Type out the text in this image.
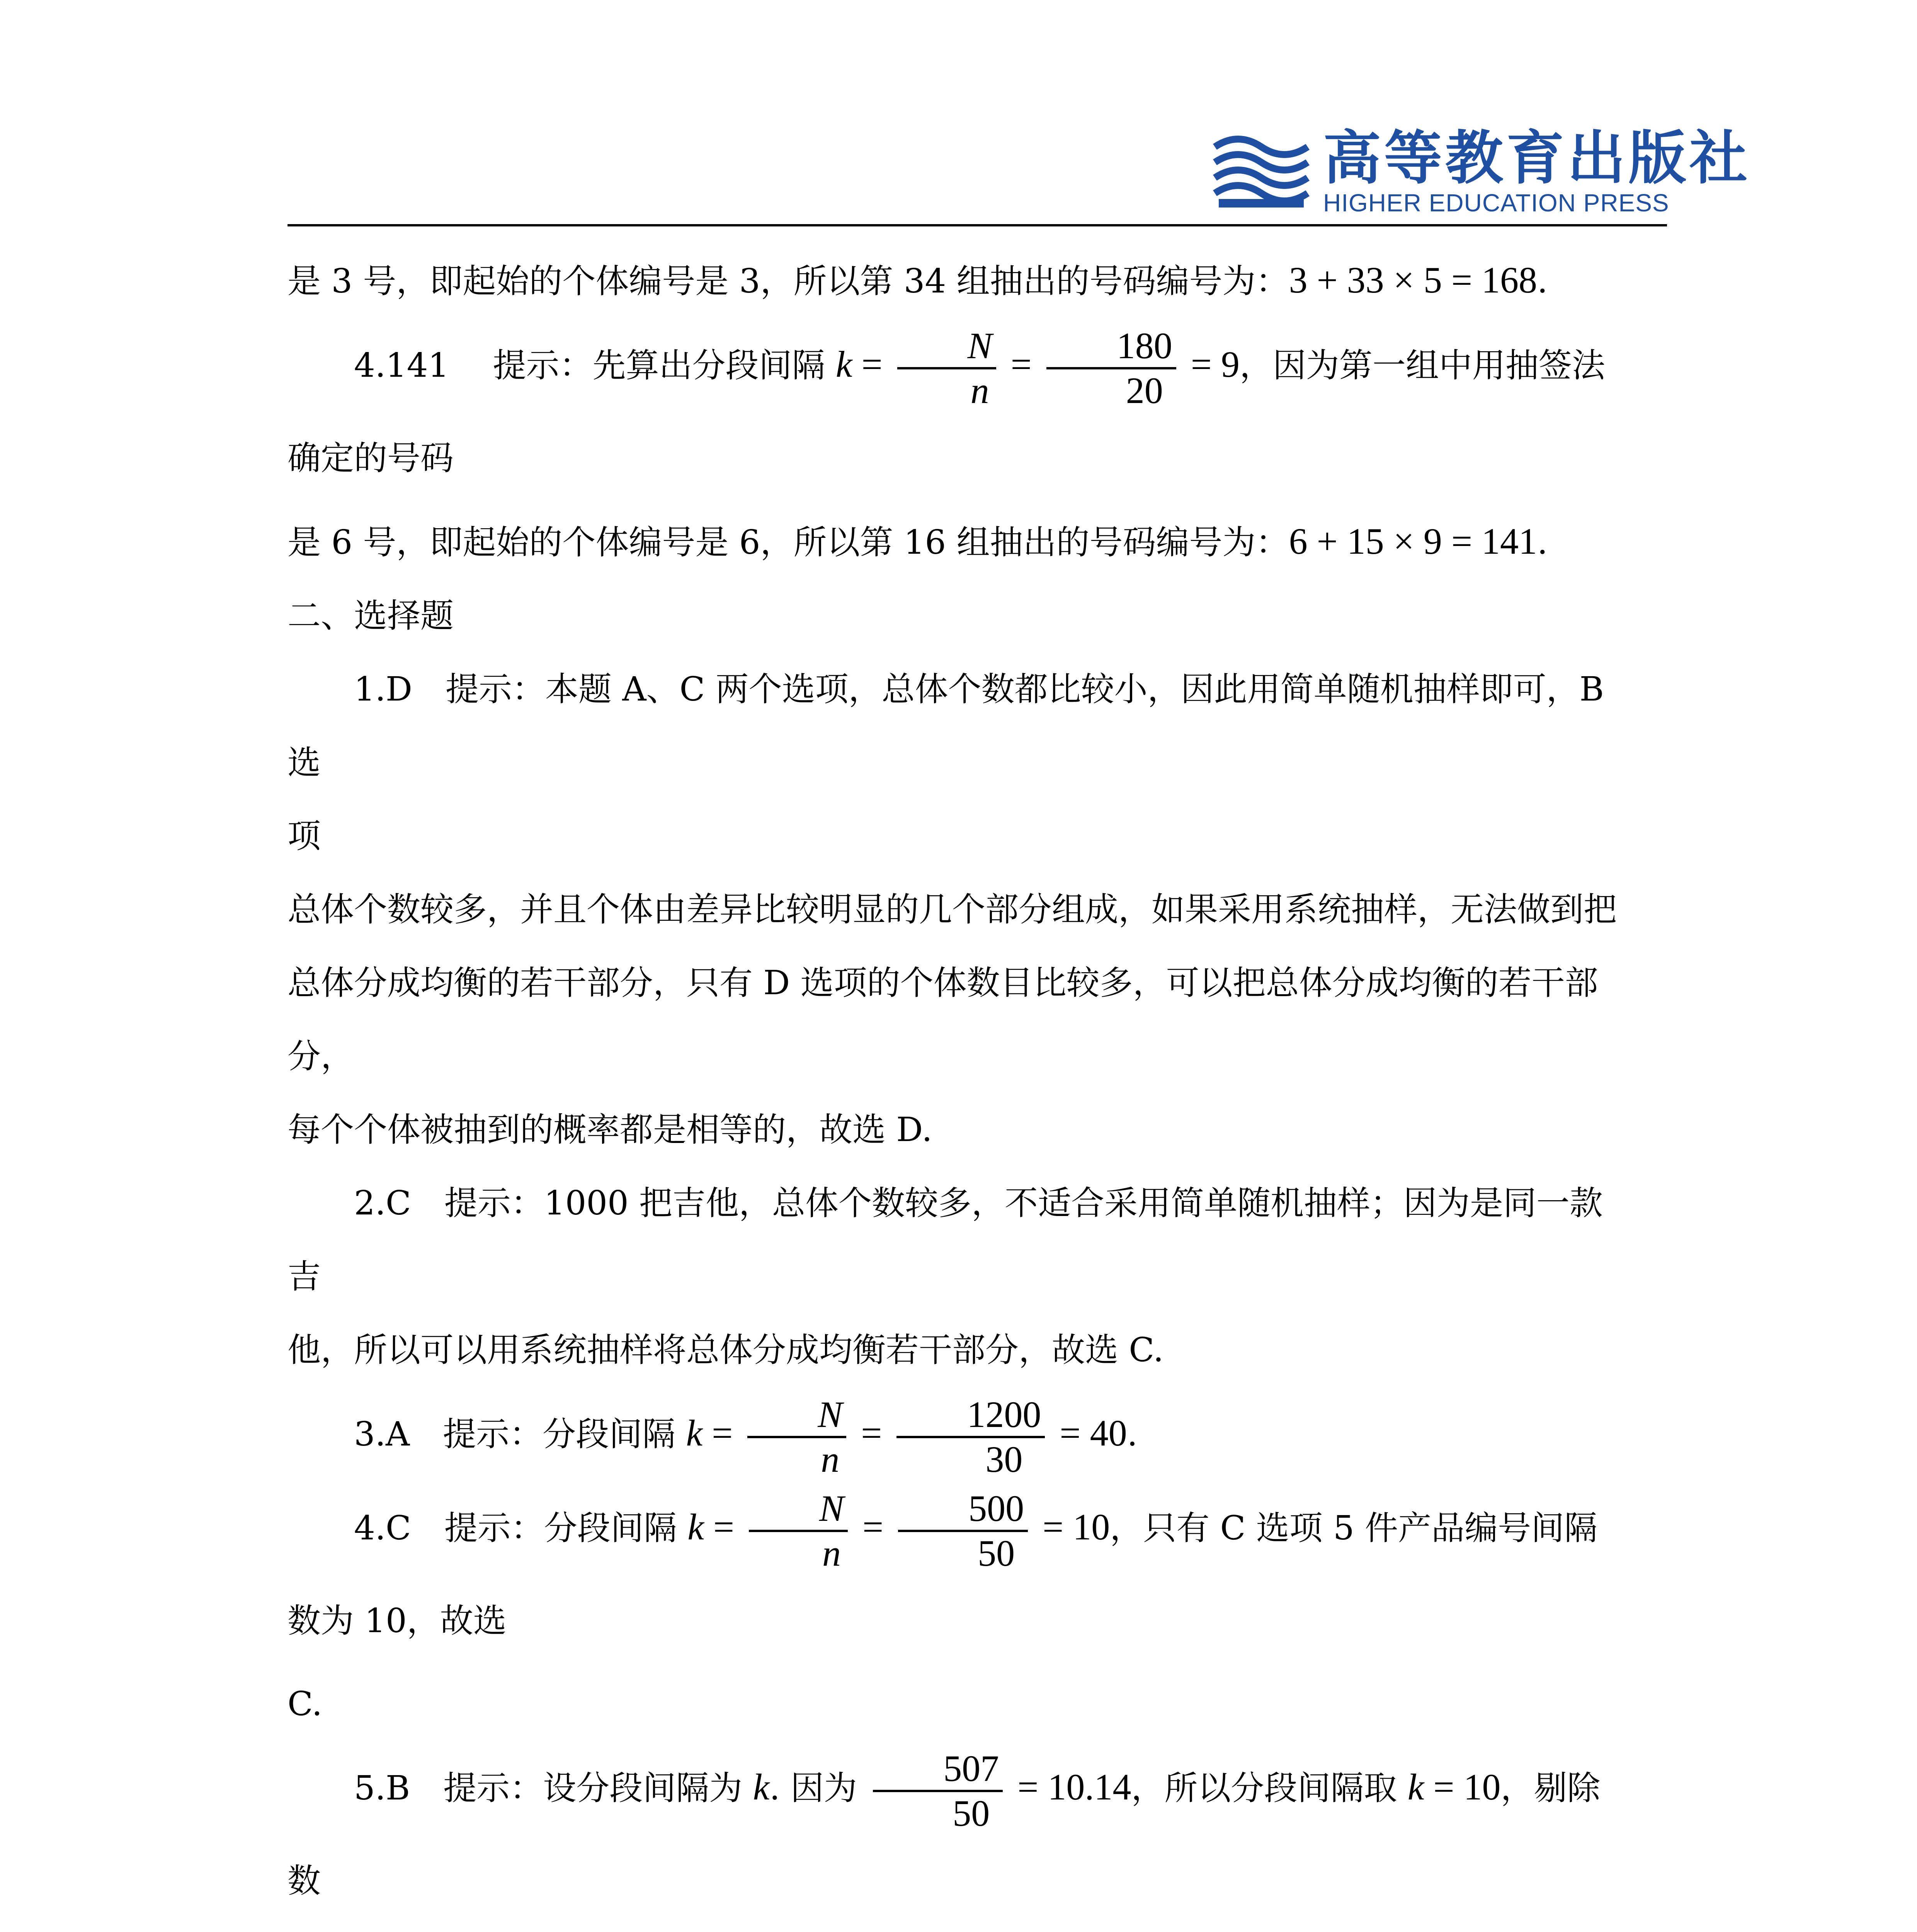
高等教育出版社
HIGHER EDUCATION PRESS

是 3 号，即起始的个体编号是 3，所以第 34 组抽出的号码编号为：3 + 33 × 5 = 168.

4.141　 提示：先算出分段间隔 $k = \frac{N}{n} = \frac{180}{20} = 9$，因为第一组中用抽签法确定的号码

是 6 号，即起始的个体编号是 6，所以第 16 组抽出的号码编号为：6 + 15 × 9 = 141.

二、选择题

1.D　提示：本题 A、C 两个选项，总体个数都比较小，因此用简单随机抽样即可，B 选

项

总体个数较多，并且个体由差异比较明显的几个部分组成，如果采用系统抽样，无法做到把

总体分成均衡的若干部分，只有 D 选项的个体数目比较多，可以把总体分成均衡的若干部分，

每个个体被抽到的概率都是相等的，故选 D.

2.C　提示：1000 把吉他，总体个数较多，不适合采用简单随机抽样；因为是同一款吉

他，所以可以用系统抽样将总体分成均衡若干部分，故选 C.

3.A　提示：分段间隔 $k = \frac{N}{n} = \frac{1200}{30} = 40$.

4.C　提示：分段间隔 $k = \frac{N}{n} = \frac{500}{50} = 10$，只有 C 选项 5 件产品编号间隔数为 10，故选

C.

5.B　提示：设分段间隔为 k. 因为 $\frac{507}{50} = 10.14$，所以分段间隔取 k = 10，剔除数
